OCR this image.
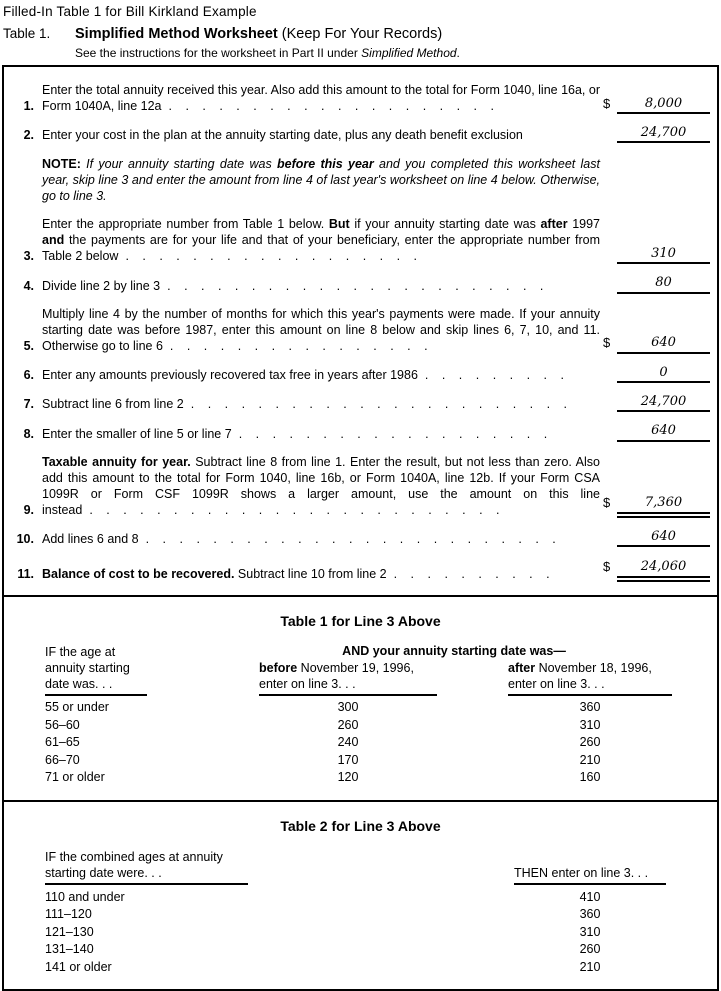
Filled-In Table 1 for Bill Kirkland Example
Table 1.	Simplified Method Worksheet (Keep For Your Records)
See the instructions for the worksheet in Part II under Simplified Method.
1.
Enter the total annuity received this year. Also add this amount to the total for Form 1040, line 16a, or Form 1040A, line 12a . . . . . . . . . . . . . . . . . . . .	$	8,000
2. Enter your cost in the plan at the annuity starting date, plus any death benefit exclusion	24,700
NOTE: If your annuity starting date was before this year and you completed this worksheet last year, skip line 3 and enter the amount from line 4 of last year's worksheet on line 4 below. Otherwise, go to line 3.
3.
Enter the appropriate number from Table 1 below. But if your annuity starting date was after 1997 and the payments are for your life and that of your beneficiary, enter the appropriate number from Table 2 below . . . . . . . . . . . . . . . . . .	310
4. Divide line 2 by line 3 . . . . . . . . . . . . . . . . . . . . . . .	80
5.
Multiply line 4 by the number of months for which this year's payments were made. If your annuity starting date was before 1987, enter this amount on line 8 below and skip lines 6, 7, 10, and 11. Otherwise go to line 6 . . . . . . . . . . . . . . . .	$	640
6. Enter any amounts previously recovered tax free in years after 1986 . . . . . . . . .	0
7. Subtract line 6 from line 2 . . . . . . . . . . . . . . . . . . . . . . .	24,700
8. Enter the smaller of line 5 or line 7 . . . . . . . . . . . . . . . . . . .	640
9.
Taxable annuity for year. Subtract line 8 from line 1. Enter the result, but not less than zero. Also add this amount to the total for Form 1040, line 16b, or Form 1040A, line 12b. If your Form CSA 1099R or Form CSF 1099R shows a larger amount, use the amount on this line instead . . . . . . . . . . . . . . . . . . . . . . . . .	$	7,360
10. Add lines 6 and 8 . . . . . . . . . . . . . . . . . . . . . . . . .	640
11. Balance of cost to be recovered. Subtract line 10 from line 2 . . . . . . . . . .	$	24,060
Table 1 for Line 3 Above
IF the age at
annuity starting
date was. . .
AND your annuity starting date was—
before November 19, 1996,
enter on line 3. . .
after November 18, 1996,
enter on line 3. . .
55 or under	300	360
56–60	260	310
61–65	240	260
66–70	170	210
71 or older	120	160
Table 2 for Line 3 Above
IF the combined ages at annuity
starting date were. . .	THEN enter on line 3. . .
110 and under	410
111–120	360
121–130	310
131–140	260
141 or older	210
